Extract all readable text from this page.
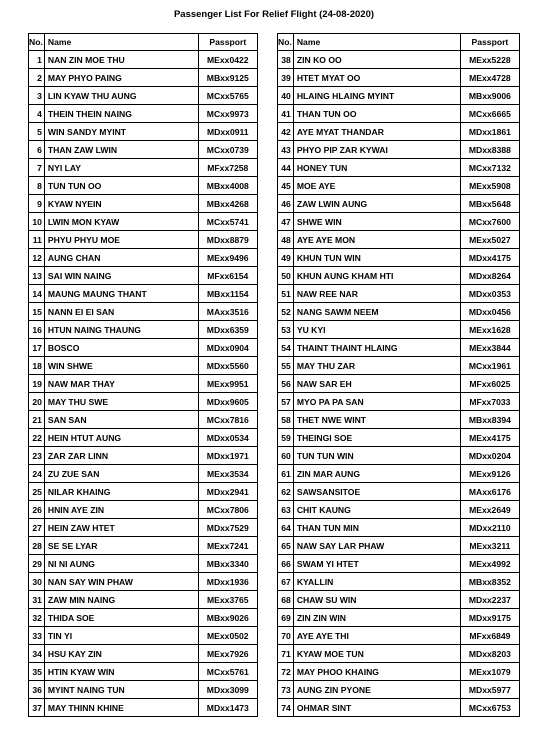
Passenger List For Relief Flight (24-08-2020)
No.	Name	Passport
1	NAN ZIN MOE THU	MExx0422
2	MAY PHYO PAING	MBxx9125
3	LIN KYAW THU AUNG	MCxx5765
4	THEIN THEIN NAING	MCxx9973
5	WIN SANDY MYINT	MDxx0911
6	THAN ZAW LWIN	MCxx0739
7	NYI LAY	MFxx7258
8	TUN TUN OO	MBxx4008
9	KYAW NYEIN	MBxx4268
10	LWIN MON KYAW	MCxx5741
11	PHYU PHYU MOE	MDxx8879
12	AUNG CHAN	MExx9496
13	SAI WIN NAING	MFxx6154
14	MAUNG MAUNG THANT	MBxx1154
15	NANN EI EI SAN	MAxx3516
16	HTUN NAING THAUNG	MDxx6359
17	BOSCO	MDxx0904
18	WIN SHWE	MDxx5560
19	NAW MAR THAY	MExx9951
20	MAY THU SWE	MDxx9605
21	SAN SAN	MCxx7816
22	HEIN HTUT AUNG	MDxx0534
23	ZAR ZAR LINN	MDxx1971
24	ZU ZUE SAN	MExx3534
25	NILAR KHAING	MDxx2941
26	HNIN AYE ZIN	MCxx7806
27	HEIN ZAW HTET	MDxx7529
28	SE SE LYAR	MExx7241
29	NI NI AUNG	MBxx3340
30	NAN SAY WIN PHAW	MDxx1936
31	ZAW MIN NAING	MExx3765
32	THIDA SOE	MBxx9026
33	TIN YI	MExx0502
34	HSU KAY ZIN	MExx7926
35	HTIN KYAW WIN	MCxx5761
36	MYINT NAING TUN	MDxx3099
37	MAY THINN KHINE	MDxx1473
No.	Name	Passport
38	ZIN KO OO	MExx5228
39	HTET MYAT OO	MExx4728
40	HLAING HLAING MYINT	MBxx9006
41	THAN TUN OO	MCxx6665
42	AYE MYAT THANDAR	MDxx1861
43	PHYO PIP ZAR KYWAI	MDxx8388
44	HONEY TUN	MCxx7132
45	MOE AYE	MExx5908
46	ZAW LWIN AUNG	MBxx5648
47	SHWE WIN	MCxx7600
48	AYE AYE MON	MExx5027
49	KHUN TUN WIN	MDxx4175
50	KHUN AUNG KHAM HTI	MDxx8264
51	NAW REE NAR	MDxx0353
52	NANG SAWM NEEM	MDxx0456
53	YU KYI	MExx1628
54	THAINT THAINT HLAING	MExx3844
55	MAY THU ZAR	MCxx1961
56	NAW SAR EH	MFxx6025
57	MYO PA PA SAN	MFxx7033
58	THET NWE WINT	MBxx8394
59	THEINGI SOE	MExx4175
60	TUN TUN WIN	MDxx0204
61	ZIN MAR AUNG	MExx9126
62	SAWSANSITOE	MAxx6176
63	CHIT KAUNG	MExx2649
64	THAN TUN MIN	MDxx2110
65	NAW SAY LAR PHAW	MExx3211
66	SWAM YI HTET	MExx4992
67	KYALLIN	MBxx8352
68	CHAW SU WIN	MDxx2237
69	ZIN ZIN WIN	MDxx9175
70	AYE AYE THI	MFxx6849
71	KYAW MOE TUN	MDxx8203
72	MAY PHOO KHAING	MExx1079
73	AUNG ZIN PYONE	MDxx5977
74	OHMAR SINT	MCxx6753
